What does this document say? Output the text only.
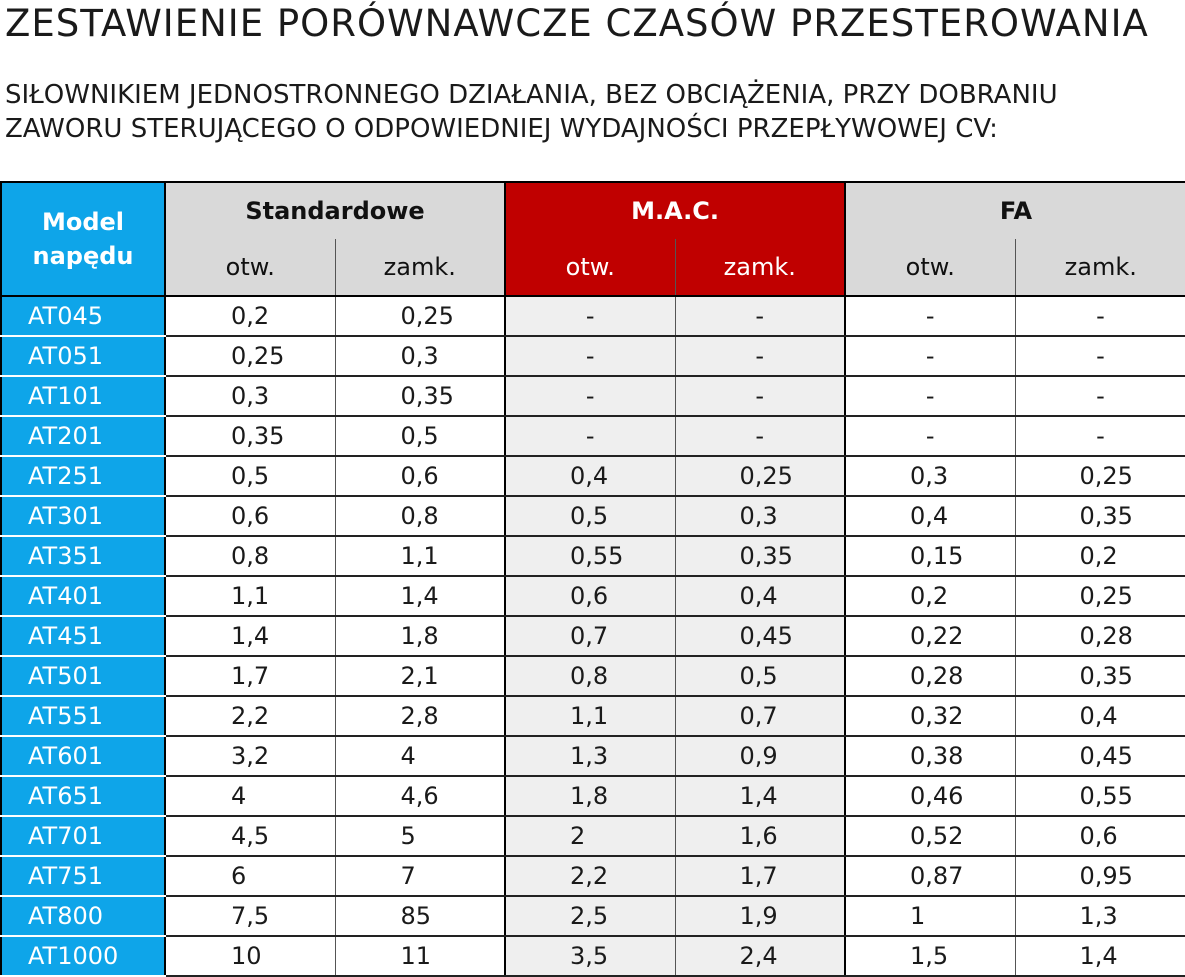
ZESTAWIENIE PORÓWNAWCZE CZASÓW PRZESTEROWANIA
SIŁOWNIKIEM JEDNOSTRONNEGO DZIAŁANIA, BEZ OBCIĄŻENIA, PRZY DOBRANIU
ZAWORU STERUJĄCEGO O ODPOWIEDNIEJ WYDAJNOŚCI PRZEPŁYWOWEJ CV:
Model
napędu	Standardowe		M.A.C.		FA	
	otw.	zamk.	otw.	zamk.	otw.	zamk.
AT045	0,2	0,25	-	-	-	-
AT051	0,25	0,3	-	-	-	-
AT101	0,3	0,35	-	-	-	-
AT201	0,35	0,5	-	-	-	-
AT251	0,5	0,6	0,4	0,25	0,3	0,25
AT301	0,6	0,8	0,5	0,3	0,4	0,35
AT351	0,8	1,1	0,55	0,35	0,15	0,2
AT401	1,1	1,4	0,6	0,4	0,2	0,25
AT451	1,4	1,8	0,7	0,45	0,22	0,28
AT501	1,7	2,1	0,8	0,5	0,28	0,35
AT551	2,2	2,8	1,1	0,7	0,32	0,4
AT601	3,2	4	1,3	0,9	0,38	0,45
AT651	4	4,6	1,8	1,4	0,46	0,55
AT701	4,5	5	2	1,6	0,52	0,6
AT751	6	7	2,2	1,7	0,87	0,95
AT800	7,5	85	2,5	1,9	1	1,3
AT1000	10	11	3,5	2,4	1,5	1,4
